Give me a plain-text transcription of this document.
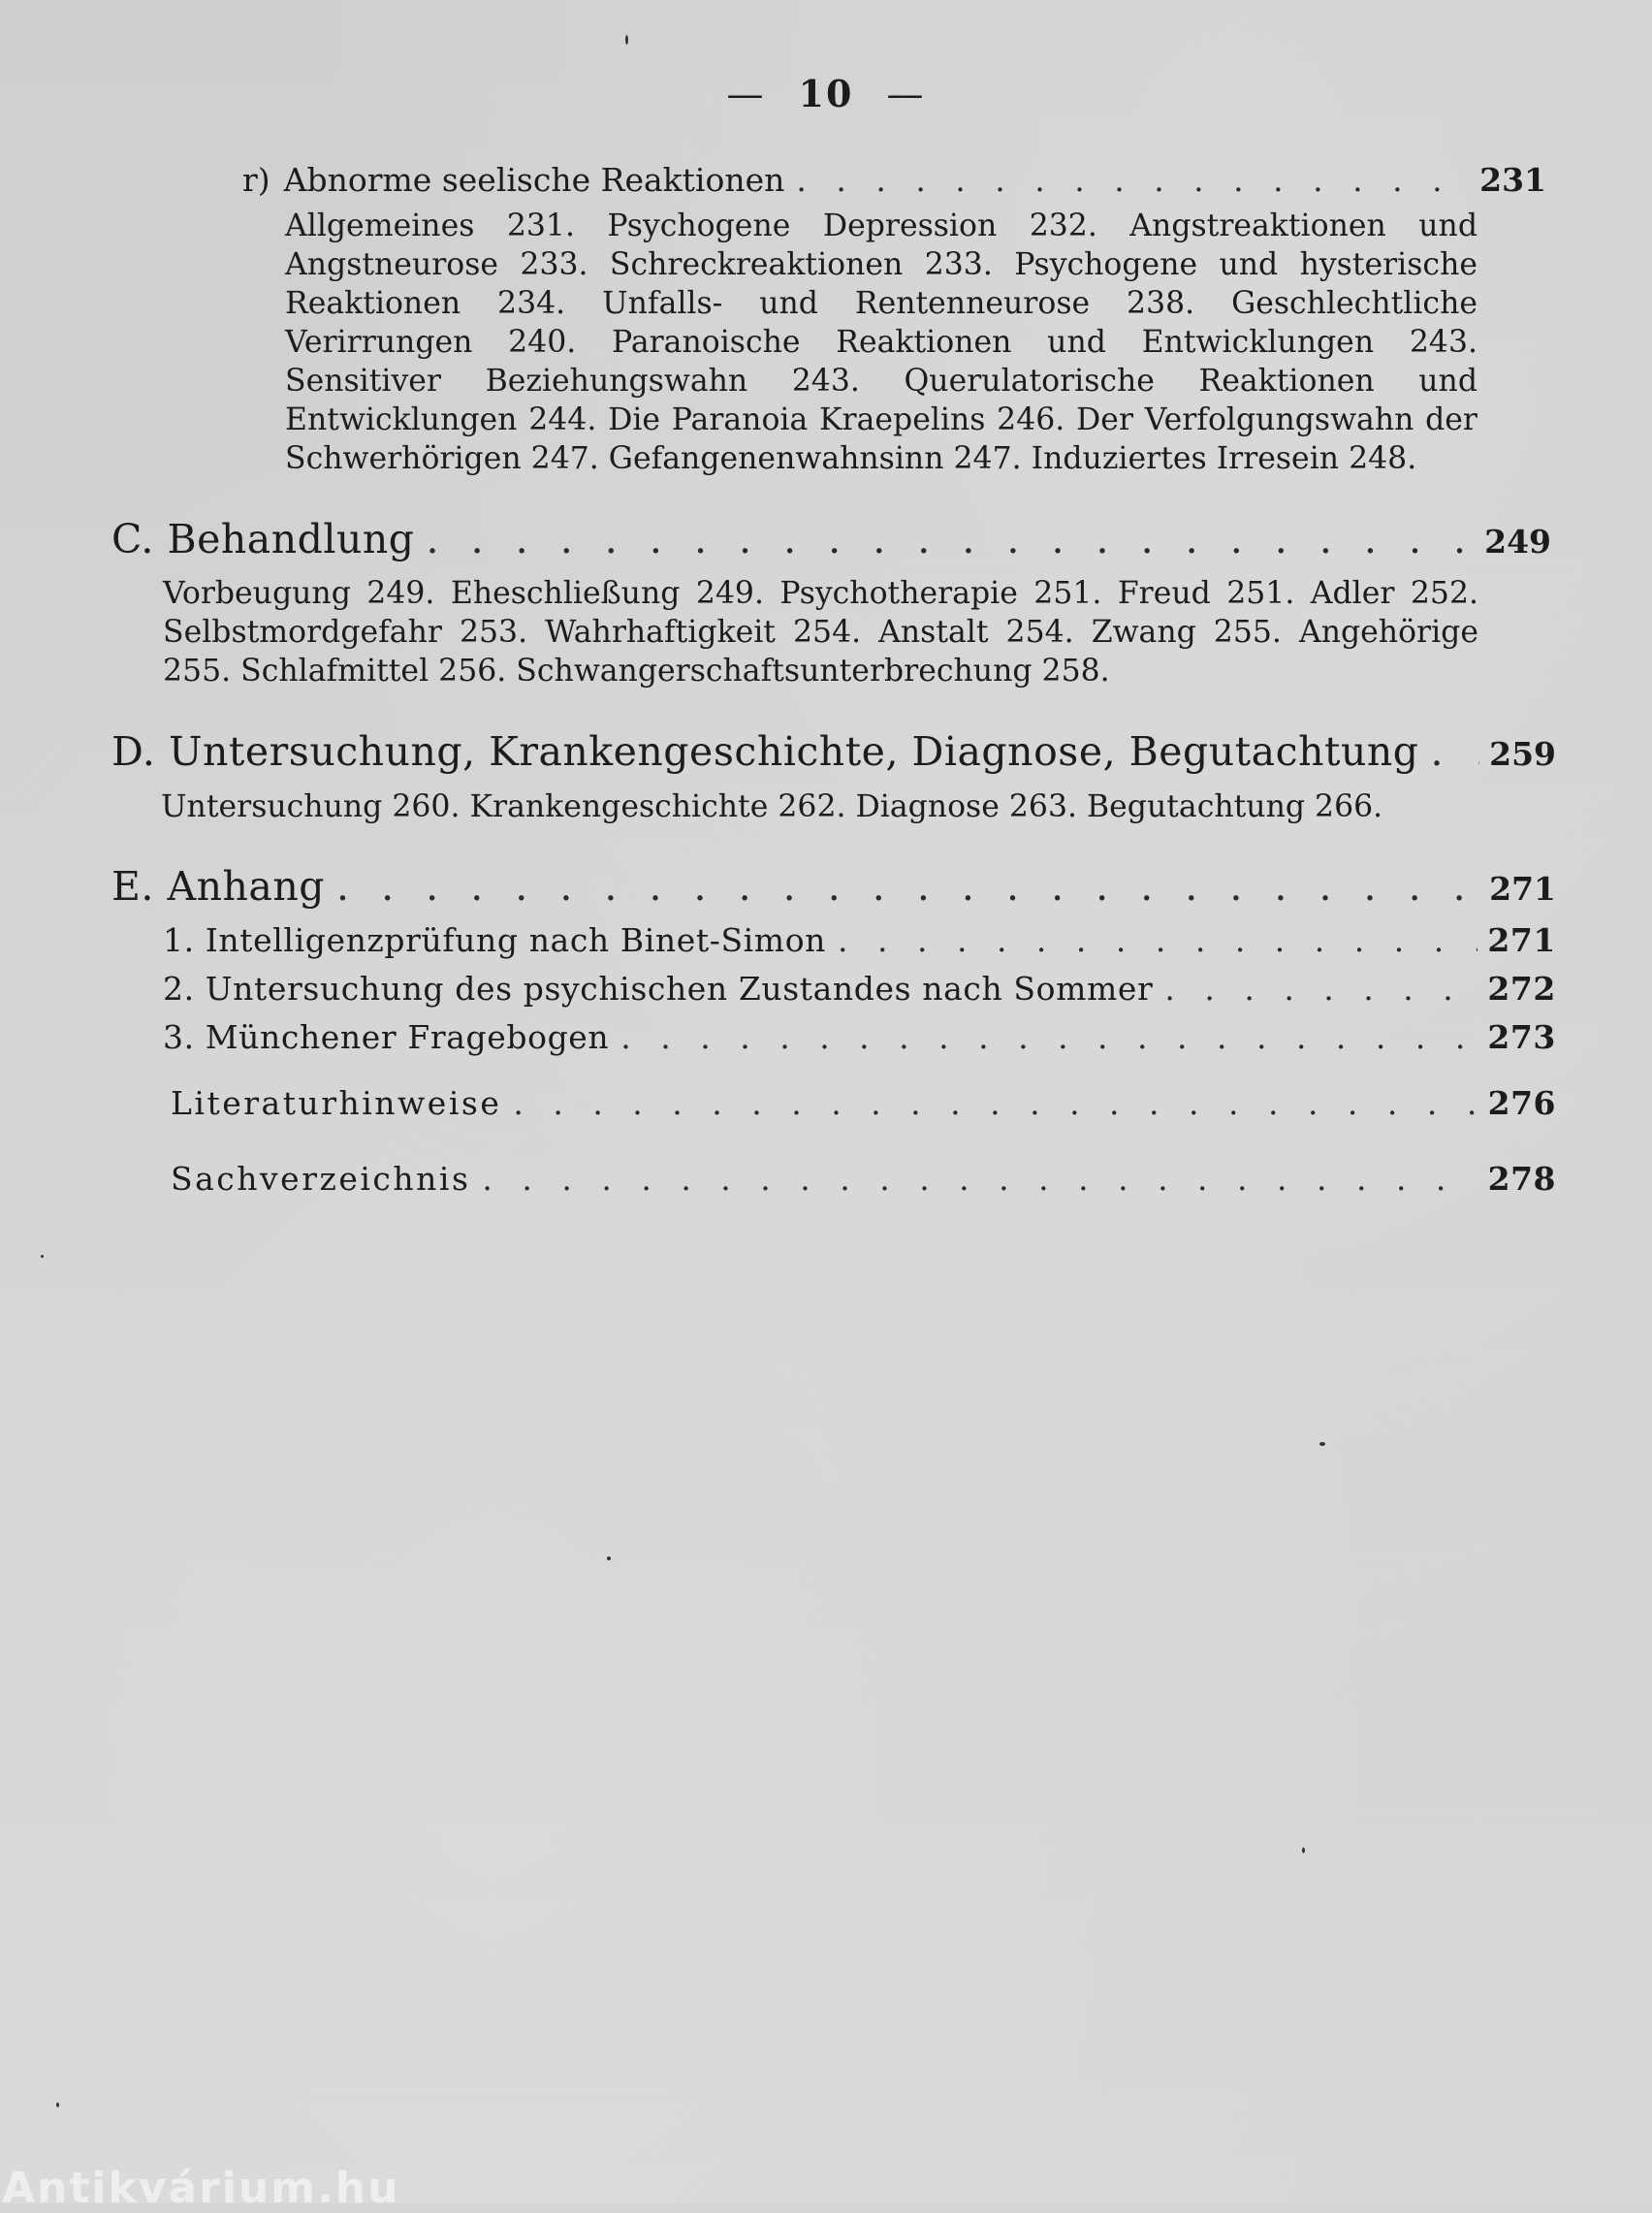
— 10 —
r) Abnorme seelische Reaktionen . . .	231
Allgemeines 231. Psychogene Depression 232. Angstreaktionen und Angstneurose 233. Schreckreaktionen 233. Psychogene und hysterische Reaktionen 234. Unfalls- und Rentenneurose 238. Geschlechtliche Verirrungen 240. Paranoische Reaktionen und Entwicklungen 243. Sensitiver Beziehungswahn 243. Querulatorische Reaktionen und Entwicklungen 244. Die Paranoia Kraepelins 246. Der Verfolgungswahn der Schwerhörigen 247. Gefangenenwahnsinn 247. Induziertes Irresein 248.
C. Behandlung . . .	249
Vorbeugung 249. Eheschließung 249. Psychotherapie 251. Freud 251. Adler 252. Selbstmordgefahr 253. Wahrhaftigkeit 254. Anstalt 254. Zwang 255. Angehörige 255. Schlafmittel 256. Schwangerschaftsunterbrechung 258.
D. Untersuchung, Krankengeschichte, Diagnose, Begutachtung . . . 259
Untersuchung 260. Krankengeschichte 262. Diagnose 263. Begutachtung 266.
E. Anhang . . .	271
1. Intelligenzprüfung nach Binet-Simon . . .	271
2. Untersuchung des psychischen Zustandes nach Sommer . . .	272
3. Münchener Fragebogen . . .	273
Literaturhinweise . . .	276
Sachverzeichnis . . .	278
Antikvárium.hu
